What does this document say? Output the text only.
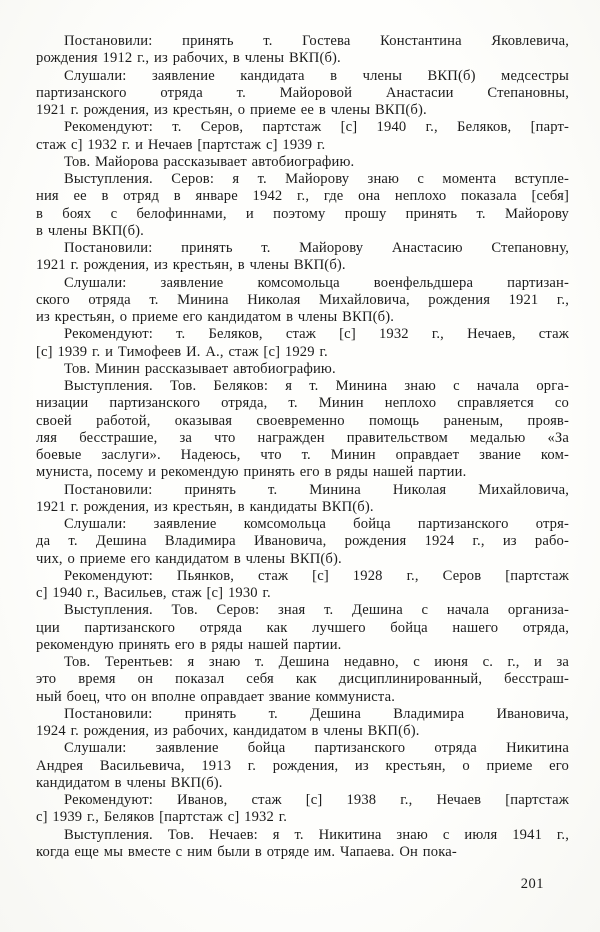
Постановили: принять т. Гостева Константина Яковлевича,
рождения 1912 г., из рабочих, в члены ВКП(б).
Слушали: заявление кандидата в члены ВКП(б) медсестры
партизанского отряда т. Майоровой Анастасии Степановны,
1921 г. рождения, из крестьян, о приеме ее в члены ВКП(б).
Рекомендуют: т. Серов, партстаж [с] 1940 г., Беляков, [парт-
стаж с] 1932 г. и Нечаев [партстаж с] 1939 г.
Тов. Майорова рассказывает автобиографию.
Выступления. Серов: я т. Майорову знаю с момента вступле-
ния ее в отряд в январе 1942 г., где она неплохо показала [себя]
в боях с белофиннами, и поэтому прошу принять т. Майорову
в члены ВКП(б).
Постановили: принять т. Майорову Анастасию Степановну,
1921 г. рождения, из крестьян, в члены ВКП(б).
Слушали: заявление комсомольца военфельдшера партизан-
ского отряда т. Минина Николая Михайловича, рождения 1921 г.,
из крестьян, о приеме его кандидатом в члены ВКП(б).
Рекомендуют: т. Беляков, стаж [с] 1932 г., Нечаев, стаж
[с] 1939 г. и Тимофеев И. А., стаж [с] 1929 г.
Тов. Минин рассказывает автобиографию.
Выступления. Тов. Беляков: я т. Минина знаю с начала орга-
низации партизанского отряда, т. Минин неплохо справляется со
своей работой, оказывая своевременно помощь раненым, прояв-
ляя бесстрашие, за что награжден правительством медалью «За
боевые заслуги». Надеюсь, что т. Минин оправдает звание ком-
муниста, посему и рекомендую принять его в ряды нашей партии.
Постановили: принять т. Минина Николая Михайловича,
1921 г. рождения, из крестьян, в кандидаты ВКП(б).
Слушали: заявление комсомольца бойца партизанского отря-
да т. Дешина Владимира Ивановича, рождения 1924 г., из рабо-
чих, о приеме его кандидатом в члены ВКП(б).
Рекомендуют: Пьянков, стаж [с] 1928 г., Серов [партстаж
с] 1940 г., Васильев, стаж [с] 1930 г.
Выступления. Тов. Серов: зная т. Дешина с начала организа-
ции партизанского отряда как лучшего бойца нашего отряда,
рекомендую принять его в ряды нашей партии.
Тов. Терентьев: я знаю т. Дешина недавно, с июня с. г., и за
это время он показал себя как дисциплинированный, бесстраш-
ный боец, что он вполне оправдает звание коммуниста.
Постановили: принять т. Дешина Владимира Ивановича,
1924 г. рождения, из рабочих, кандидатом в члены ВКП(б).
Слушали: заявление бойца партизанского отряда Никитина
Андрея Васильевича, 1913 г. рождения, из крестьян, о приеме его
кандидатом в члены ВКП(б).
Рекомендуют: Иванов, стаж [с] 1938 г., Нечаев [партстаж
с] 1939 г., Беляков [партстаж с] 1932 г.
Выступления. Тов. Нечаев: я т. Никитина знаю с июля 1941 г.,
когда еще мы вместе с ним были в отряде им. Чапаева. Он пока-
201
